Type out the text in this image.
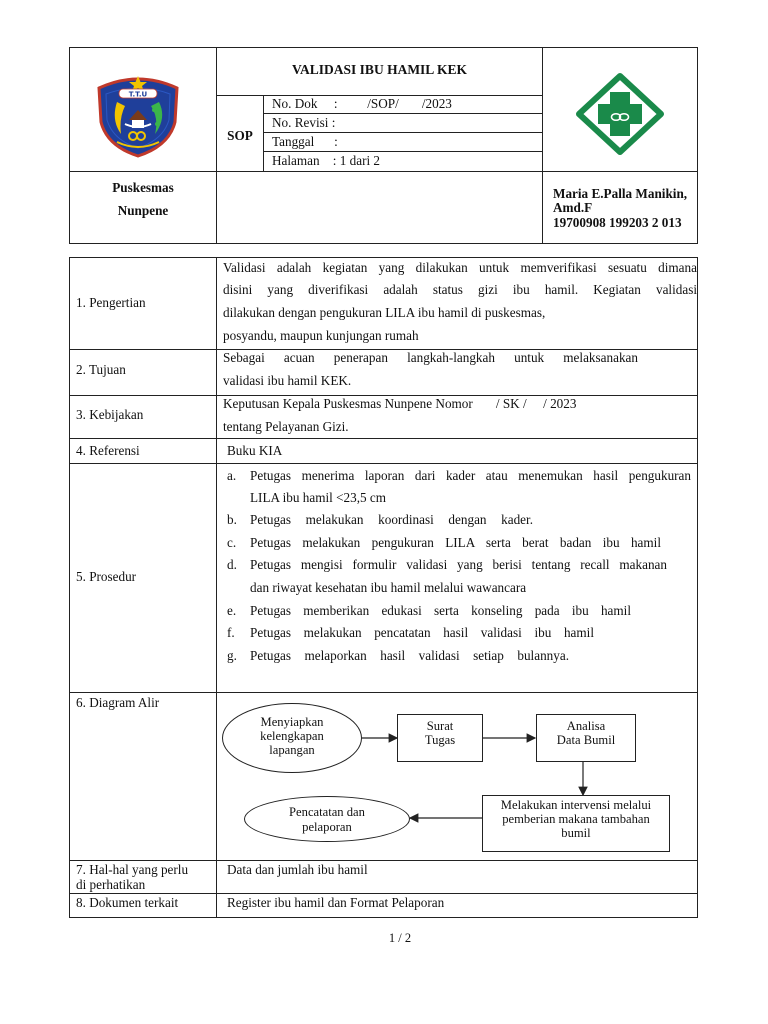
T.T.U
VALIDASI IBU HAMIL KEK
SOP
No. Dok     :         /SOP/       /2023
No. Revisi :
Tanggal      :
Halaman    : 1 dari 2
Puskesmas
Nunpene
Maria E.Palla Manikin,
Amd.F
19700908 199203 2 013
1. Pengertian
Validasi adalah kegiatan yang dilakukan untuk memverifikasi sesuatu dimana
disini yang diverifikasi adalah status gizi ibu hamil. Kegiatan validasi
dilakukan dengan pengukuran LILA ibu hamil di puskesmas,
posyandu, maupun kunjungan rumah
2. Tujuan
Sebagai acuan penerapan langkah-langkah untuk melaksanakan
validasi ibu hamil KEK.
3. Kebijakan
Keputusan Kepala Puskesmas Nunpene Nomor       / SK /     / 2023
tentang Pelayanan Gizi.
4. Referensi	Buku KIA
5. Prosedur
a. Petugas menerima laporan dari kader atau menemukan hasil pengukuran
LILA ibu hamil <23,5 cm
b. Petugas melakukan koordinasi dengan kader.
c. Petugas melakukan pengukuran LILA serta berat badan ibu hamil
d. Petugas mengisi formulir validasi yang berisi tentang recall makanan
dan riwayat kesehatan ibu hamil melalui wawancara
e. Petugas memberikan edukasi serta konseling pada ibu hamil
f. Petugas melakukan pencatatan hasil validasi ibu hamil
g. Petugas melaporkan hasil validasi setiap bulannya.
6. Diagram Alir
Menyiapkan
kelengkapan
lapangan
Surat
Tugas
Analisa
Data Bumil
Melakukan intervensi melalui
pemberian makana tambahan
bumil
Pencatatan dan
pelaporan
7. Hal-hal yang perlu
di perhatikan
Data dan jumlah ibu hamil
8. Dokumen terkait	Register ibu hamil dan Format Pelaporan
1 / 2
